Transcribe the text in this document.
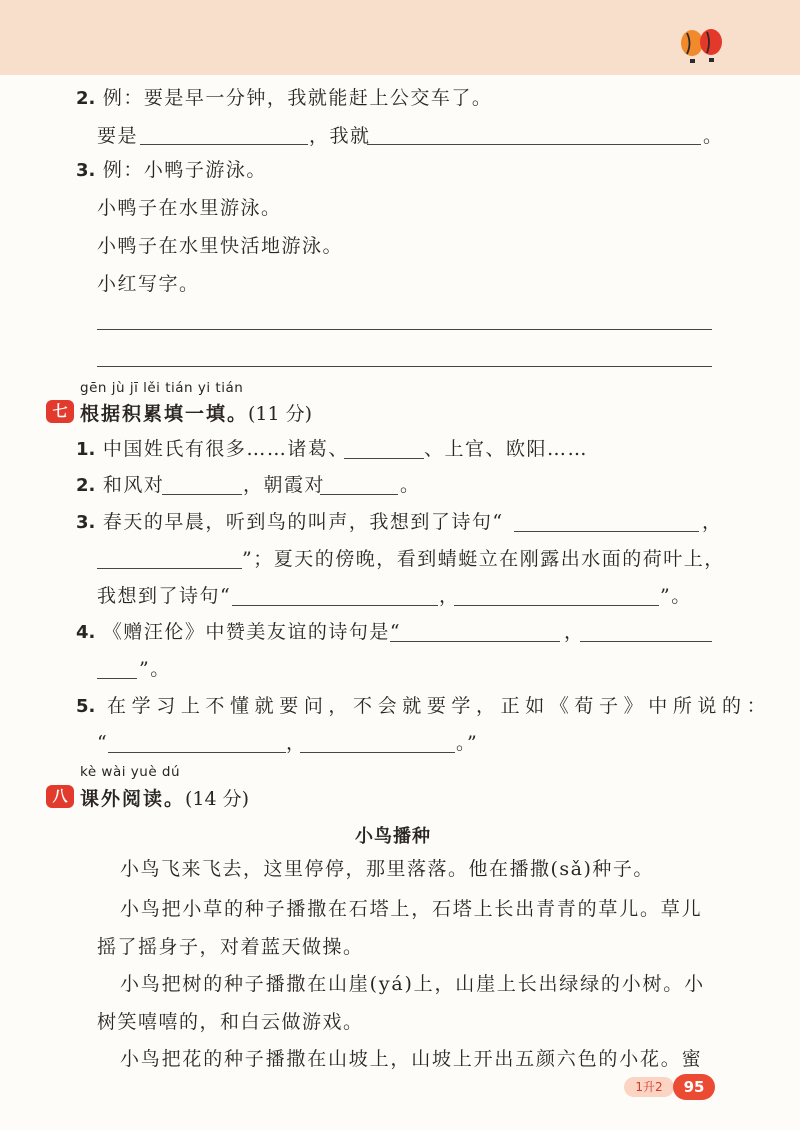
2. 例：要是早一分钟，我就能赶上公交车了。
要是	，我就	。
3. 例：小鸭子游泳。
小鸭子在水里游泳。
小鸭子在水里快活地游泳。
小红写字。
gēn jù jī lěi tián yi tián
七 根据积累填一填。(11 分)
1. 中国姓氏有很多……诸葛、	、上官、欧阳……
2. 和风对	，朝霞对	。
3. 春天的早晨，听到鸟的叫声，我想到了诗句“	，
”；夏天的傍晚，看到蜻蜓立在刚露出水面的荷叶上，
我想到了诗句“	，	”。
4. 《赠汪伦》中赞美友谊的诗句是“	，
”。
5. 在学习上不懂就要问，不会就要学，正如《荀子》中所说的：
“	，	。”
kè wài yuè dú
八 课外阅读。(14 分)
小鸟播种
小鸟飞来飞去，这里停停，那里落落。他在播撒(sǎ)种子。
小鸟把小草的种子播撒在石塔上，石塔上长出青青的草儿。草儿
摇了摇身子，对着蓝天做操。
小鸟把树的种子播撒在山崖(yá)上，山崖上长出绿绿的小树。小
树笑嘻嘻的，和白云做游戏。
小鸟把花的种子播撒在山坡上，山坡上开出五颜六色的小花。蜜
1升2	95
